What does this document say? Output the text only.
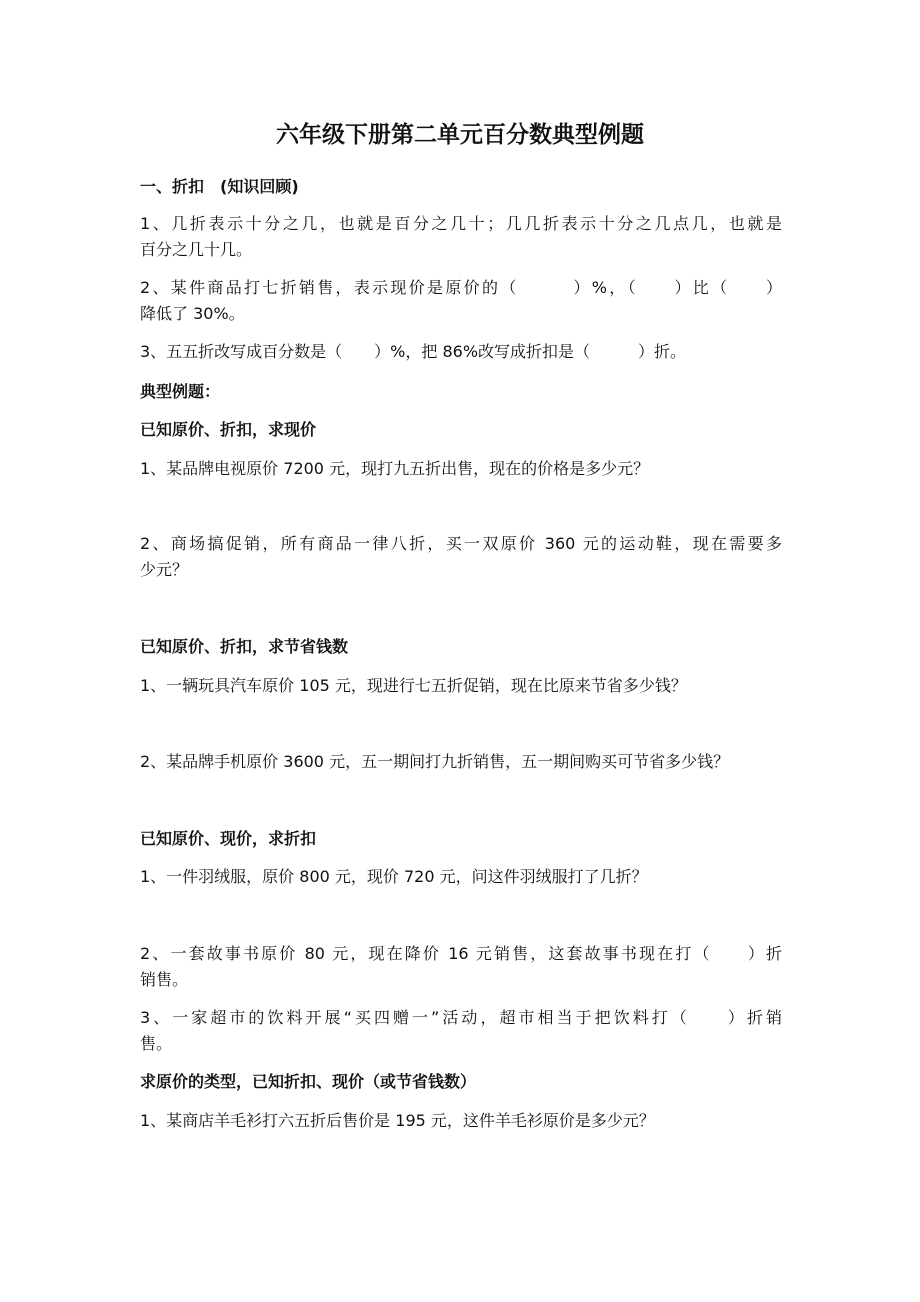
六年级下册第二单元百分数典型例题
一、折扣　(知识回顾)
1、几折表示十分之几，也就是百分之几十；几几折表示十分之几点几，也就是
百分之几十几。
2、某件商品打七折销售，表示现价是原价的（　　　）%，（　　）比（　　）
降低了 30%。
3、五五折改写成百分数是（　　）%，把 86%改写成折扣是（　　　）折。
典型例题：
已知原价、折扣，求现价
1、某品牌电视原价 7200 元，现打九五折出售，现在的价格是多少元？
2、商场搞促销，所有商品一律八折，买一双原价 360 元的运动鞋，现在需要多
少元？
已知原价、折扣，求节省钱数
1、一辆玩具汽车原价 105 元，现进行七五折促销，现在比原来节省多少钱？
2、某品牌手机原价 3600 元，五一期间打九折销售，五一期间购买可节省多少钱？
已知原价、现价，求折扣
1、一件羽绒服，原价 800 元，现价 720 元，问这件羽绒服打了几折？
2、一套故事书原价 80 元，现在降价 16 元销售，这套故事书现在打（　　）折
销售。
3、一家超市的饮料开展“买四赠一”活动，超市相当于把饮料打（　　）折销
售。
求原价的类型，已知折扣、现价（或节省钱数）
1、某商店羊毛衫打六五折后售价是 195 元，这件羊毛衫原价是多少元？
